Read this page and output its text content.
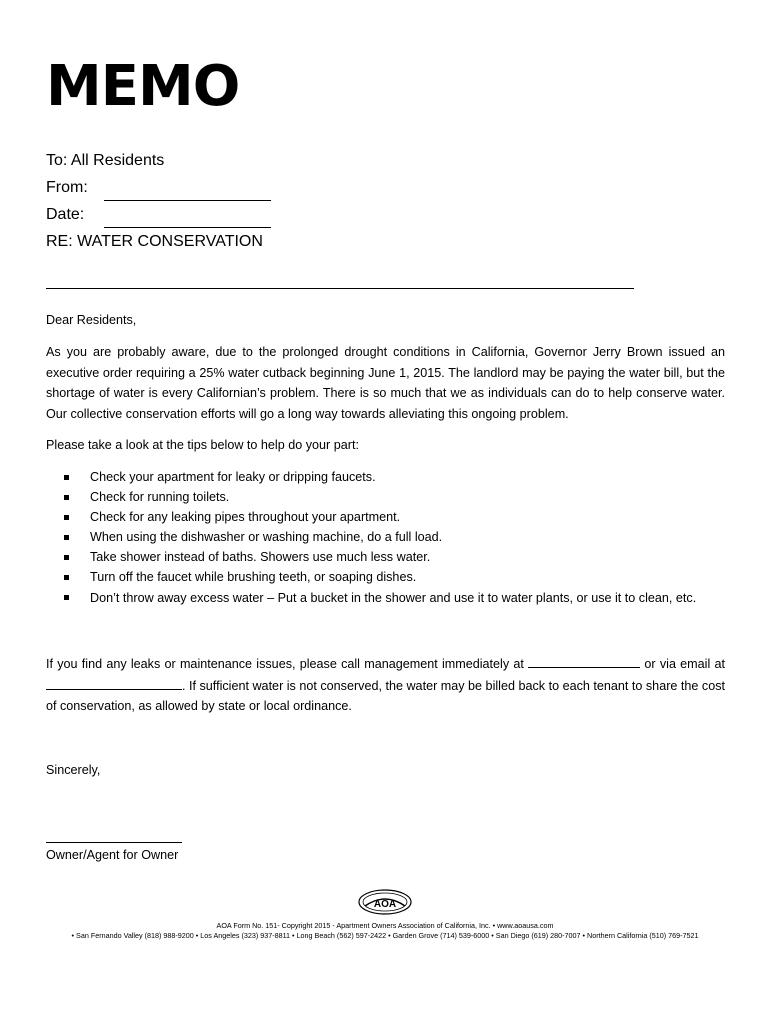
MEMO
To: All Residents
From:
Date:
RE: WATER CONSERVATION
Dear Residents,
As you are probably aware, due to the prolonged drought conditions in California, Governor Jerry Brown issued an executive order requiring a 25% water cutback beginning June 1, 2015. The landlord may be paying the water bill, but the shortage of water is every Californian’s problem. There is so much that we as individuals can do to help conserve water. Our collective conservation efforts will go a long way towards alleviating this ongoing problem.
Please take a look at the tips below to help do your part:
Check your apartment for leaky or dripping faucets.
Check for running toilets.
Check for any leaking pipes throughout your apartment.
When using the dishwasher or washing machine, do a full load.
Take shower instead of baths. Showers use much less water.
Turn off the faucet while brushing teeth, or soaping dishes.
Don’t throw away excess water – Put a bucket in the shower and use it to water plants, or use it to clean, etc.
If you find any leaks or maintenance issues, please call management immediately at	or via email at . If sufficient water is not conserved, the water may be billed back to each tenant to share the cost of conservation, as allowed by state or local ordinance.
Sincerely,
Owner/Agent for Owner
AOA
AOA Form No. 151- Copyright 2015 - Apartment Owners Association of California, Inc. • www.aoausa.com
• San Fernando Valley (818) 988-9200 • Los Angeles (323) 937-8811 • Long Beach (562) 597-2422 • Garden Grove (714) 539-6000 • San Diego (619) 280-7007 • Northern California (510) 769-7521
